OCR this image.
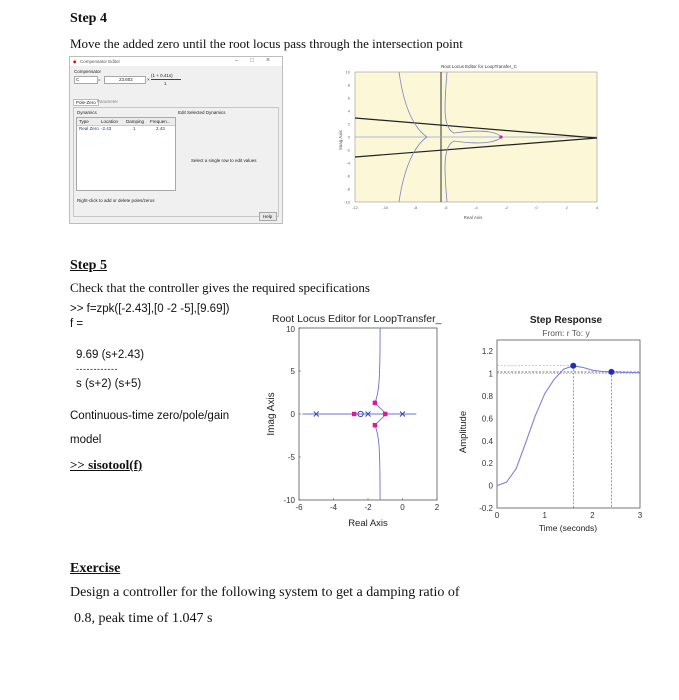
Step 4
Move the added zero until the root locus pass through the intersection point
◆ Compensator Editor	– □ ×
Compensator
C	=	23.602	×
(1 + 0.41s)
1
Pole-Zero Parameter
Dynamics	Edit Selected Dynamics
Type	Location Damping Frequen...
Real Zero -2.43	1	2.43
Select a single row to edit values
Right-click to add or delete poles/zeros
Help
Root Locus Editor for LoopTransfer_C
Imag Axis
Real Axis
10
8
6
4
2
0
-2
-4
-6
-8
-10
-12	-10	-8	-6	-4	-2	0	2	4
Step 5
Check that the controller gives the required specifications
>> f=zpk([-2.43],[0 -2 -5],[9.69])
f =
9.69 (s+2.43)
------------
s (s+2) (s+5)
Continuous-time zero/pole/gain
model
>> sisotool(f)
Root Locus Editor for LoopTransfer_
Imag Axis
Real Axis
-6	-4	-2	0	2
10
5
0
-5
-10
Step Response
From: r To: y
Amplitude
Time (seconds)
1.2
1
0.8
0.6
0.4
0.2
0
-0.2
0	1	2	3
Exercise
Design a controller for the following system to get a damping ratio of
0.8, peak time of 1.047 s
